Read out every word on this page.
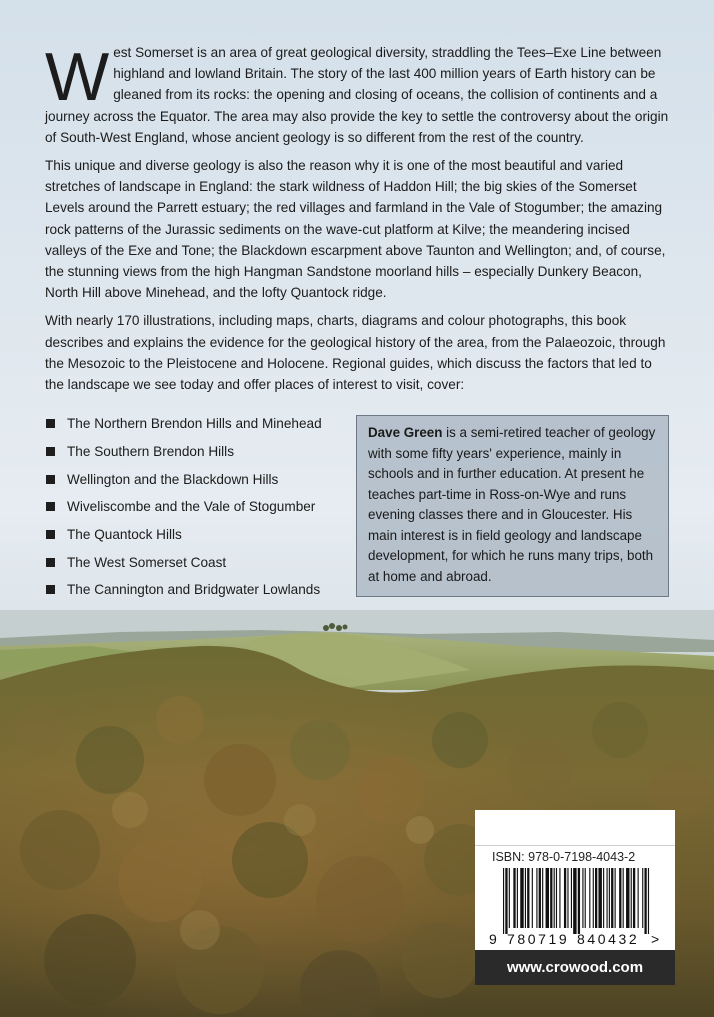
West Somerset is an area of great geological diversity, straddling the Tees–Exe Line between highland and lowland Britain. The story of the last 400 million years of Earth history can be gleaned from its rocks: the opening and closing of oceans, the collision of continents and a journey across the Equator. The area may also provide the key to settle the controversy about the origin of South-West England, whose ancient geology is so different from the rest of the country.

This unique and diverse geology is also the reason why it is one of the most beautiful and varied stretches of landscape in England: the stark wildness of Haddon Hill; the big skies of the Somerset Levels around the Parrett estuary; the red villages and farmland in the Vale of Stogumber; the amazing rock patterns of the Jurassic sediments on the wave-cut platform at Kilve; the meandering incised valleys of the Exe and Tone; the Blackdown escarpment above Taunton and Wellington; and, of course, the stunning views from the high Hangman Sandstone moorland hills – especially Dunkery Beacon, North Hill above Minehead, and the lofty Quantock ridge.

With nearly 170 illustrations, including maps, charts, diagrams and colour photographs, this book describes and explains the evidence for the geological history of the area, from the Palaeozoic, through the Mesozoic to the Pleistocene and Holocene. Regional guides, which discuss the factors that led to the landscape we see today and offer places of interest to visit, cover:

The Northern Brendon Hills and Minehead
The Southern Brendon Hills
Wellington and the Blackdown Hills
Wiveliscombe and the Vale of Stogumber
The Quantock Hills
The West Somerset Coast
The Cannington and Bridgwater Lowlands
Dave Green is a semi-retired teacher of geology with some fifty years' experience, mainly in schools and in further education. At present he teaches part-time in Ross-on-Wye and runs evening classes there and in Gloucester. His main interest is in field geology and landscape development, for which he runs many trips, both at home and abroad.
ISBN: 978-0-7198-4043-2
9 780719 840432 >
www.crowood.com
